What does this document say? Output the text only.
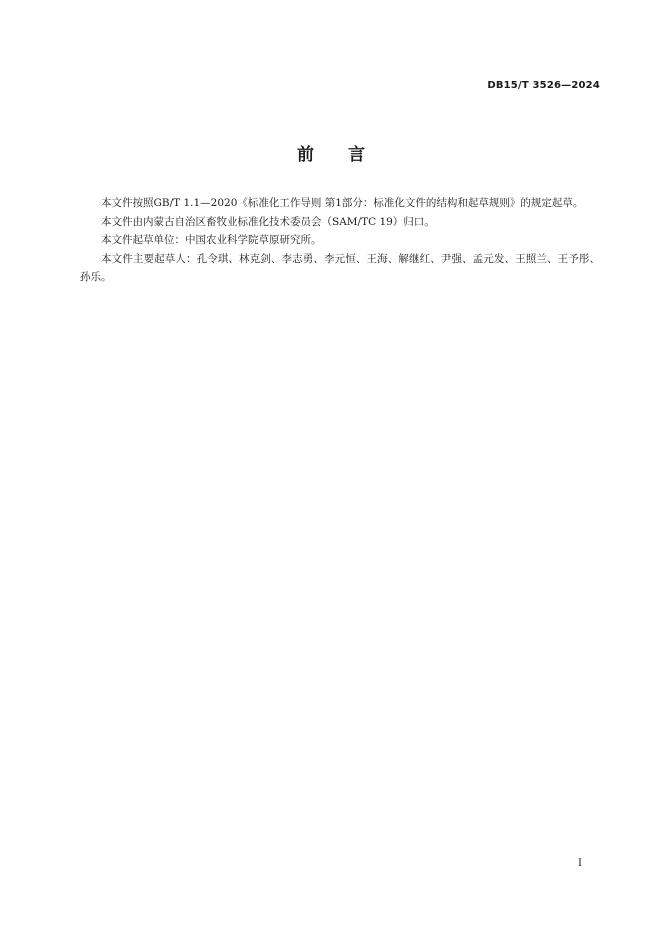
DB15/T 3526—2024
前 言

本文件按照GB/T 1.1—2020《标准化工作导则 第1部分：标准化文件的结构和起草规则》的规定起草。

本文件由内蒙古自治区畜牧业标准化技术委员会（SAM/TC 19）归口。

本文件起草单位：中国农业科学院草原研究所。

本文件主要起草人：孔令琪、林克剑、李志勇、李元恒、王海、解继红、尹强、孟元发、王照兰、王予彤、孙乐。

I
